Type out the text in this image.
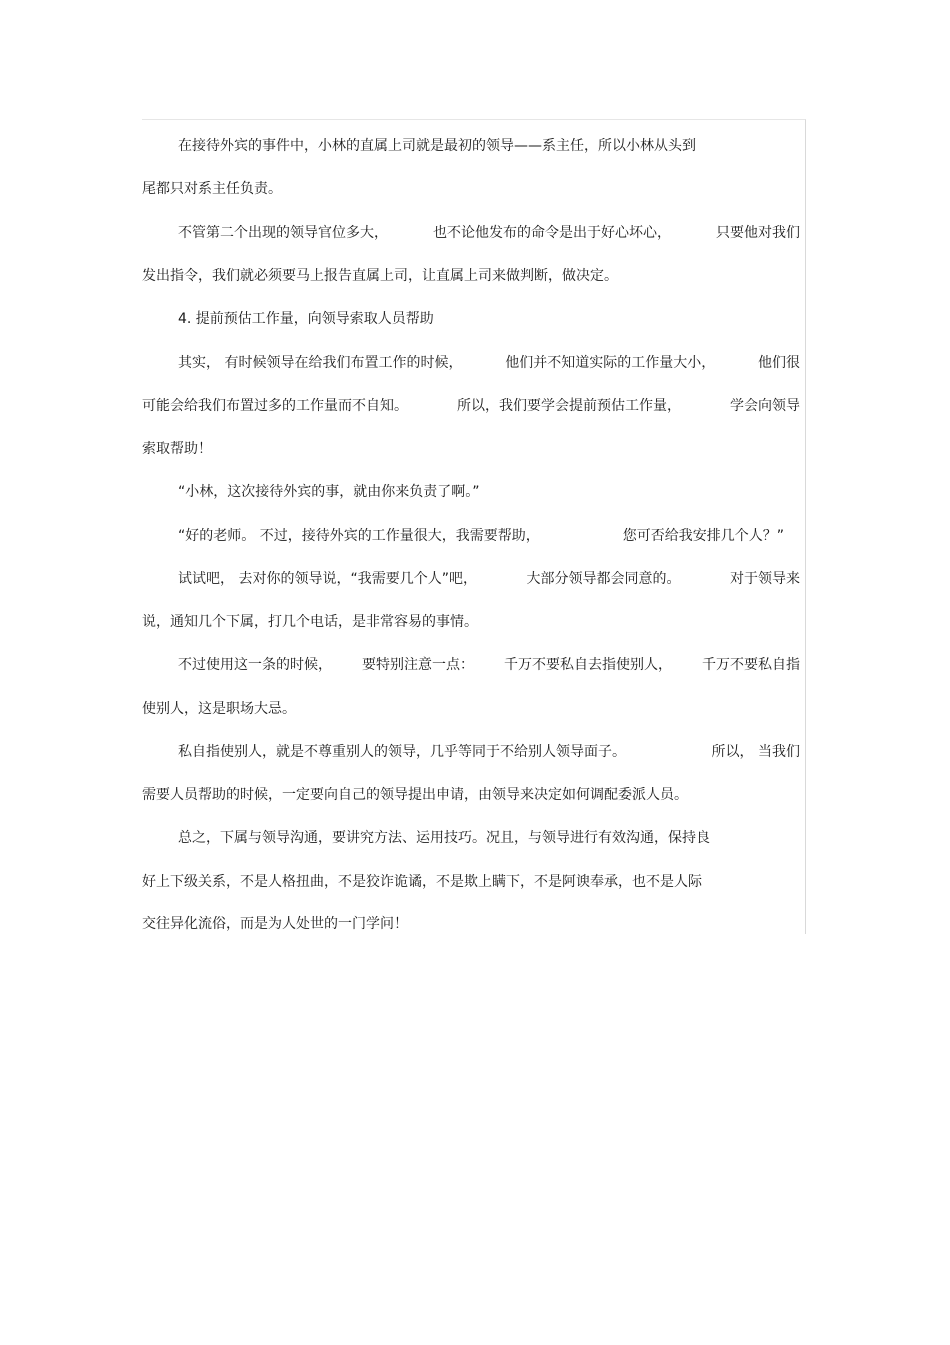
在接待外宾的事件中，小林的直属上司就是最初的领导——系主任，所以小林从头到
尾都只对系主任负责。
不管第二个出现的领导官位多大，	也不论他发布的命令是出于好心坏心，	只要他对我们
发出指令，我们就必须要马上报告直属上司，让直属上司来做判断，做决定。
4. 提前预估工作量，向领导索取人员帮助
其实， 有时候领导在给我们布置工作的时候，	他们并不知道实际的工作量大小，	他们很
可能会给我们布置过多的工作量而不自知。	所以，我们要学会提前预估工作量，	学会向领导
索取帮助！
“小林，这次接待外宾的事，就由你来负责了啊。”
“好的老师。 不过，接待外宾的工作量很大，我需要帮助，	您可否给我安排几个人？”
试试吧， 去对你的领导说，“我需要几个人”吧，	大部分领导都会同意的。	对于领导来
说，通知几个下属，打几个电话，是非常容易的事情。
不过使用这一条的时候， 要特别注意一点： 千万不要私自去指使别人， 千万不要私自指
使别人，这是职场大忌。
私自指使别人，就是不尊重别人的领导，几乎等同于不给别人领导面子。	所以， 当我们
需要人员帮助的时候，一定要向自己的领导提出申请，由领导来决定如何调配委派人员。
总之，下属与领导沟通，要讲究方法、运用技巧。况且，与领导进行有效沟通，保持良
好上下级关系，不是人格扭曲，不是狡诈诡谲，不是欺上瞒下，不是阿谀奉承，也不是人际
交往异化流俗，而是为人处世的一门学问！
